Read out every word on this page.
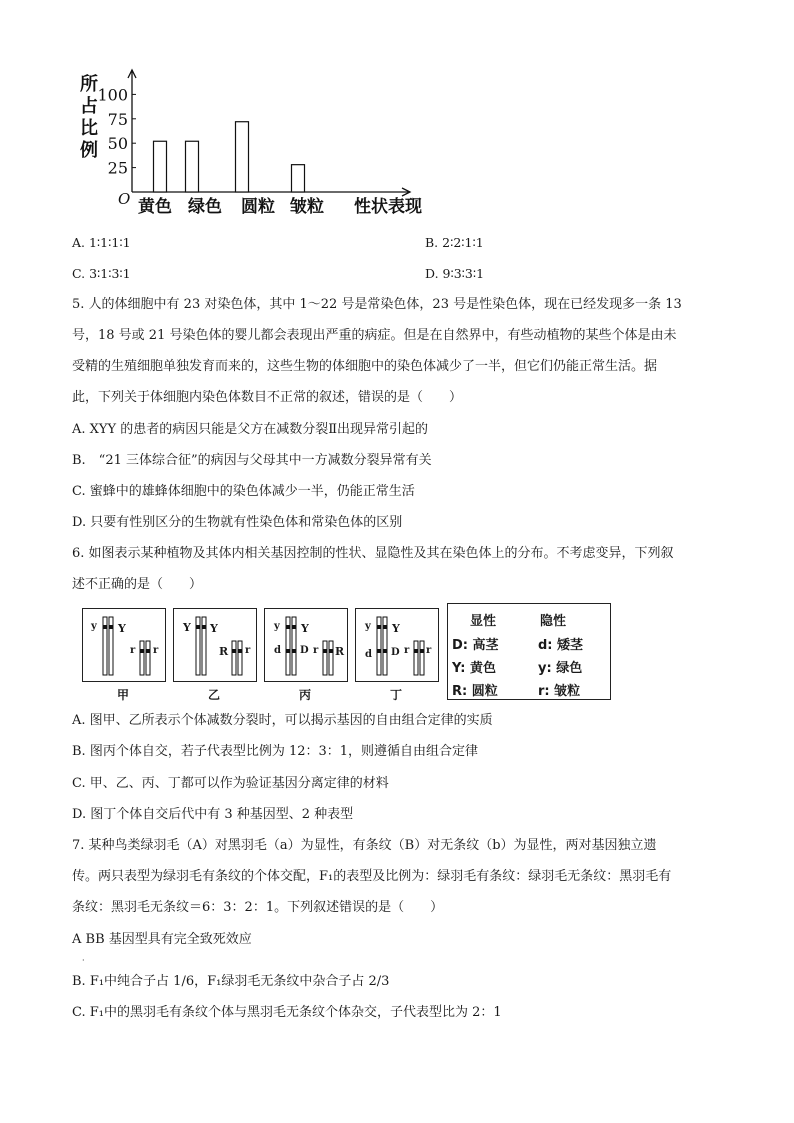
100
75
50
25
所
占
比
例
O 黄色 绿色 圆粒 皱粒 性状表现
A. 1∶1∶1∶1	B. 2∶2∶1∶1
C. 3∶1∶3∶1	D. 9∶3∶3∶1
5. 人的体细胞中有 23 对染色体，其中 1～22 号是常染色体，23 号是性染色体，现在已经发现多一条 13
号，18 号或 21 号染色体的婴儿都会表现出严重的病症。但是在自然界中，有些动植物的某些个体是由未
受精的生殖细胞单独发育而来的，这些生物的体细胞中的染色体减少了一半，但它们仍能正常生活。据
此，下列关于体细胞内染色体数目不正常的叙述，错误的是（　　）
A. XYY 的患者的病因只能是父方在减数分裂Ⅱ出现异常引起的
B.　“21 三体综合征”的病因与父母其中一方减数分裂异常有关
C. 蜜蜂中的雄蜂体细胞中的染色体减少一半，仍能正常生活
D. 只要有性别区分的生物就有性染色体和常染色体的区别
6. 如图表示某种植物及其体内相关基因控制的性状、显隐性及其在染色体上的分布。不考虑变异，下列叙
述不正确的是（　　）
y Y
r r
Y Y
R r
y Y
d D r R
y Y
d D r r
甲	乙	丙	丁
显性	隐性
D: 高茎	d: 矮茎
Y: 黄色	y: 绿色
R: 圆粒	r: 皱粒
A. 图甲、乙所表示个体减数分裂时，可以揭示基因的自由组合定律的实质
B. 图丙个体自交，若子代表型比例为 12：3：1，则遵循自由组合定律
C. 甲、乙、丙、丁都可以作为验证基因分离定律的材料
D. 图丁个体自交后代中有 3 种基因型、2 种表型
7. 某种鸟类绿羽毛（A）对黑羽毛（a）为显性，有条纹（B）对无条纹（b）为显性，两对基因独立遗
传。两只表型为绿羽毛有条纹的个体交配，F₁的表型及比例为：绿羽毛有条纹：绿羽毛无条纹：黑羽毛有
条纹：黑羽毛无条纹＝6：3：2：1。下列叙述错误的是（　　）
A BB 基因型具有完全致死效应
·
B. F₁中纯合子占 1/6，F₁绿羽毛无条纹中杂合子占 2/3
C. F₁中的黑羽毛有条纹个体与黑羽毛无条纹个体杂交，子代表型比为 2：1
